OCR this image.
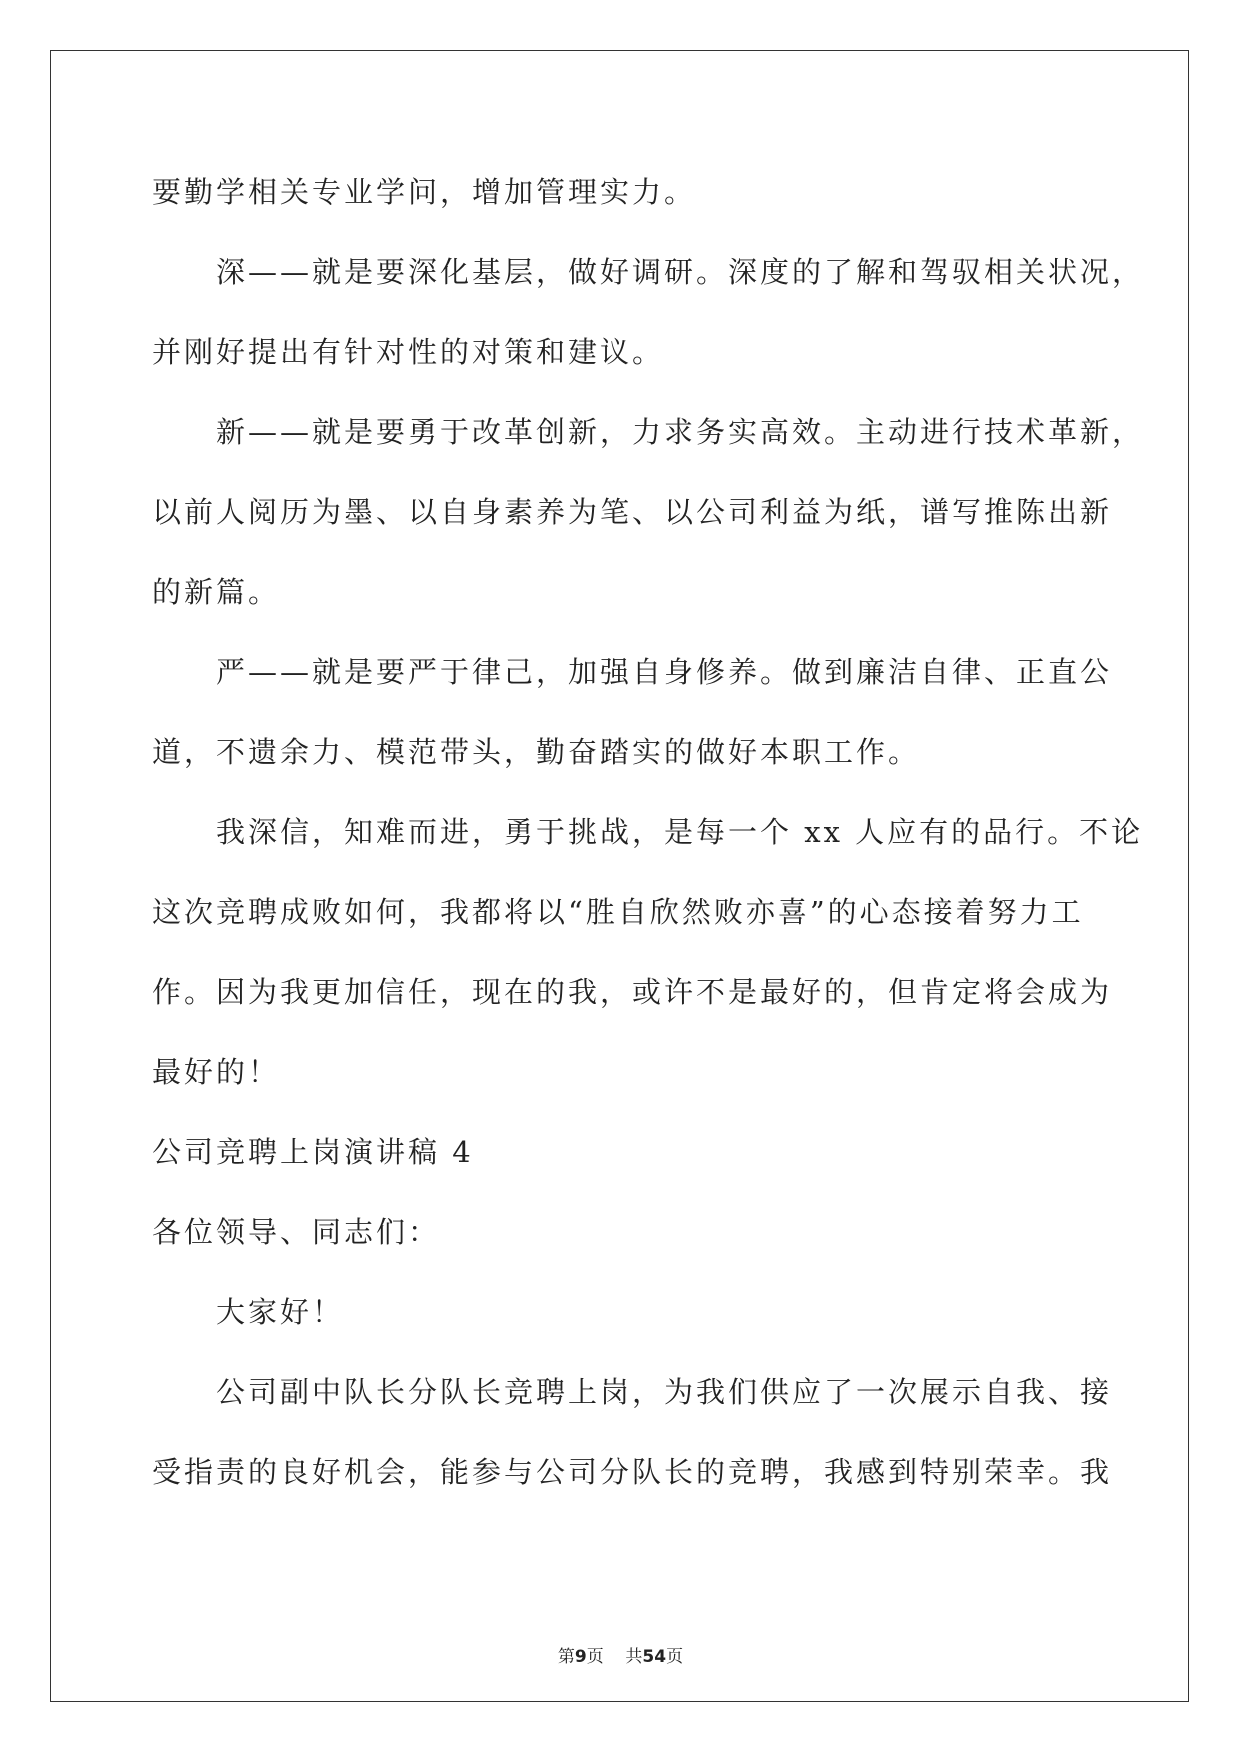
要勤学相关专业学问，增加管理实力。
　　深——就是要深化基层，做好调研。深度的了解和驾驭相关状况，
并刚好提出有针对性的对策和建议。
　　新——就是要勇于改革创新，力求务实高效。主动进行技术革新，
以前人阅历为墨、以自身素养为笔、以公司利益为纸，谱写推陈出新
的新篇。
　　严——就是要严于律己，加强自身修养。做到廉洁自律、正直公
道，不遗余力、模范带头，勤奋踏实的做好本职工作。
　　我深信，知难而进，勇于挑战，是每一个 xx 人应有的品行。不论
这次竞聘成败如何，我都将以“胜自欣然败亦喜”的心态接着努力工
作。因为我更加信任，现在的我，或许不是最好的，但肯定将会成为
最好的！
公司竞聘上岗演讲稿 4
各位领导、同志们：
　　大家好！
　　公司副中队长分队长竞聘上岗，为我们供应了一次展示自我、接
受指责的良好机会，能参与公司分队长的竞聘，我感到特别荣幸。我
第9页 共54页
